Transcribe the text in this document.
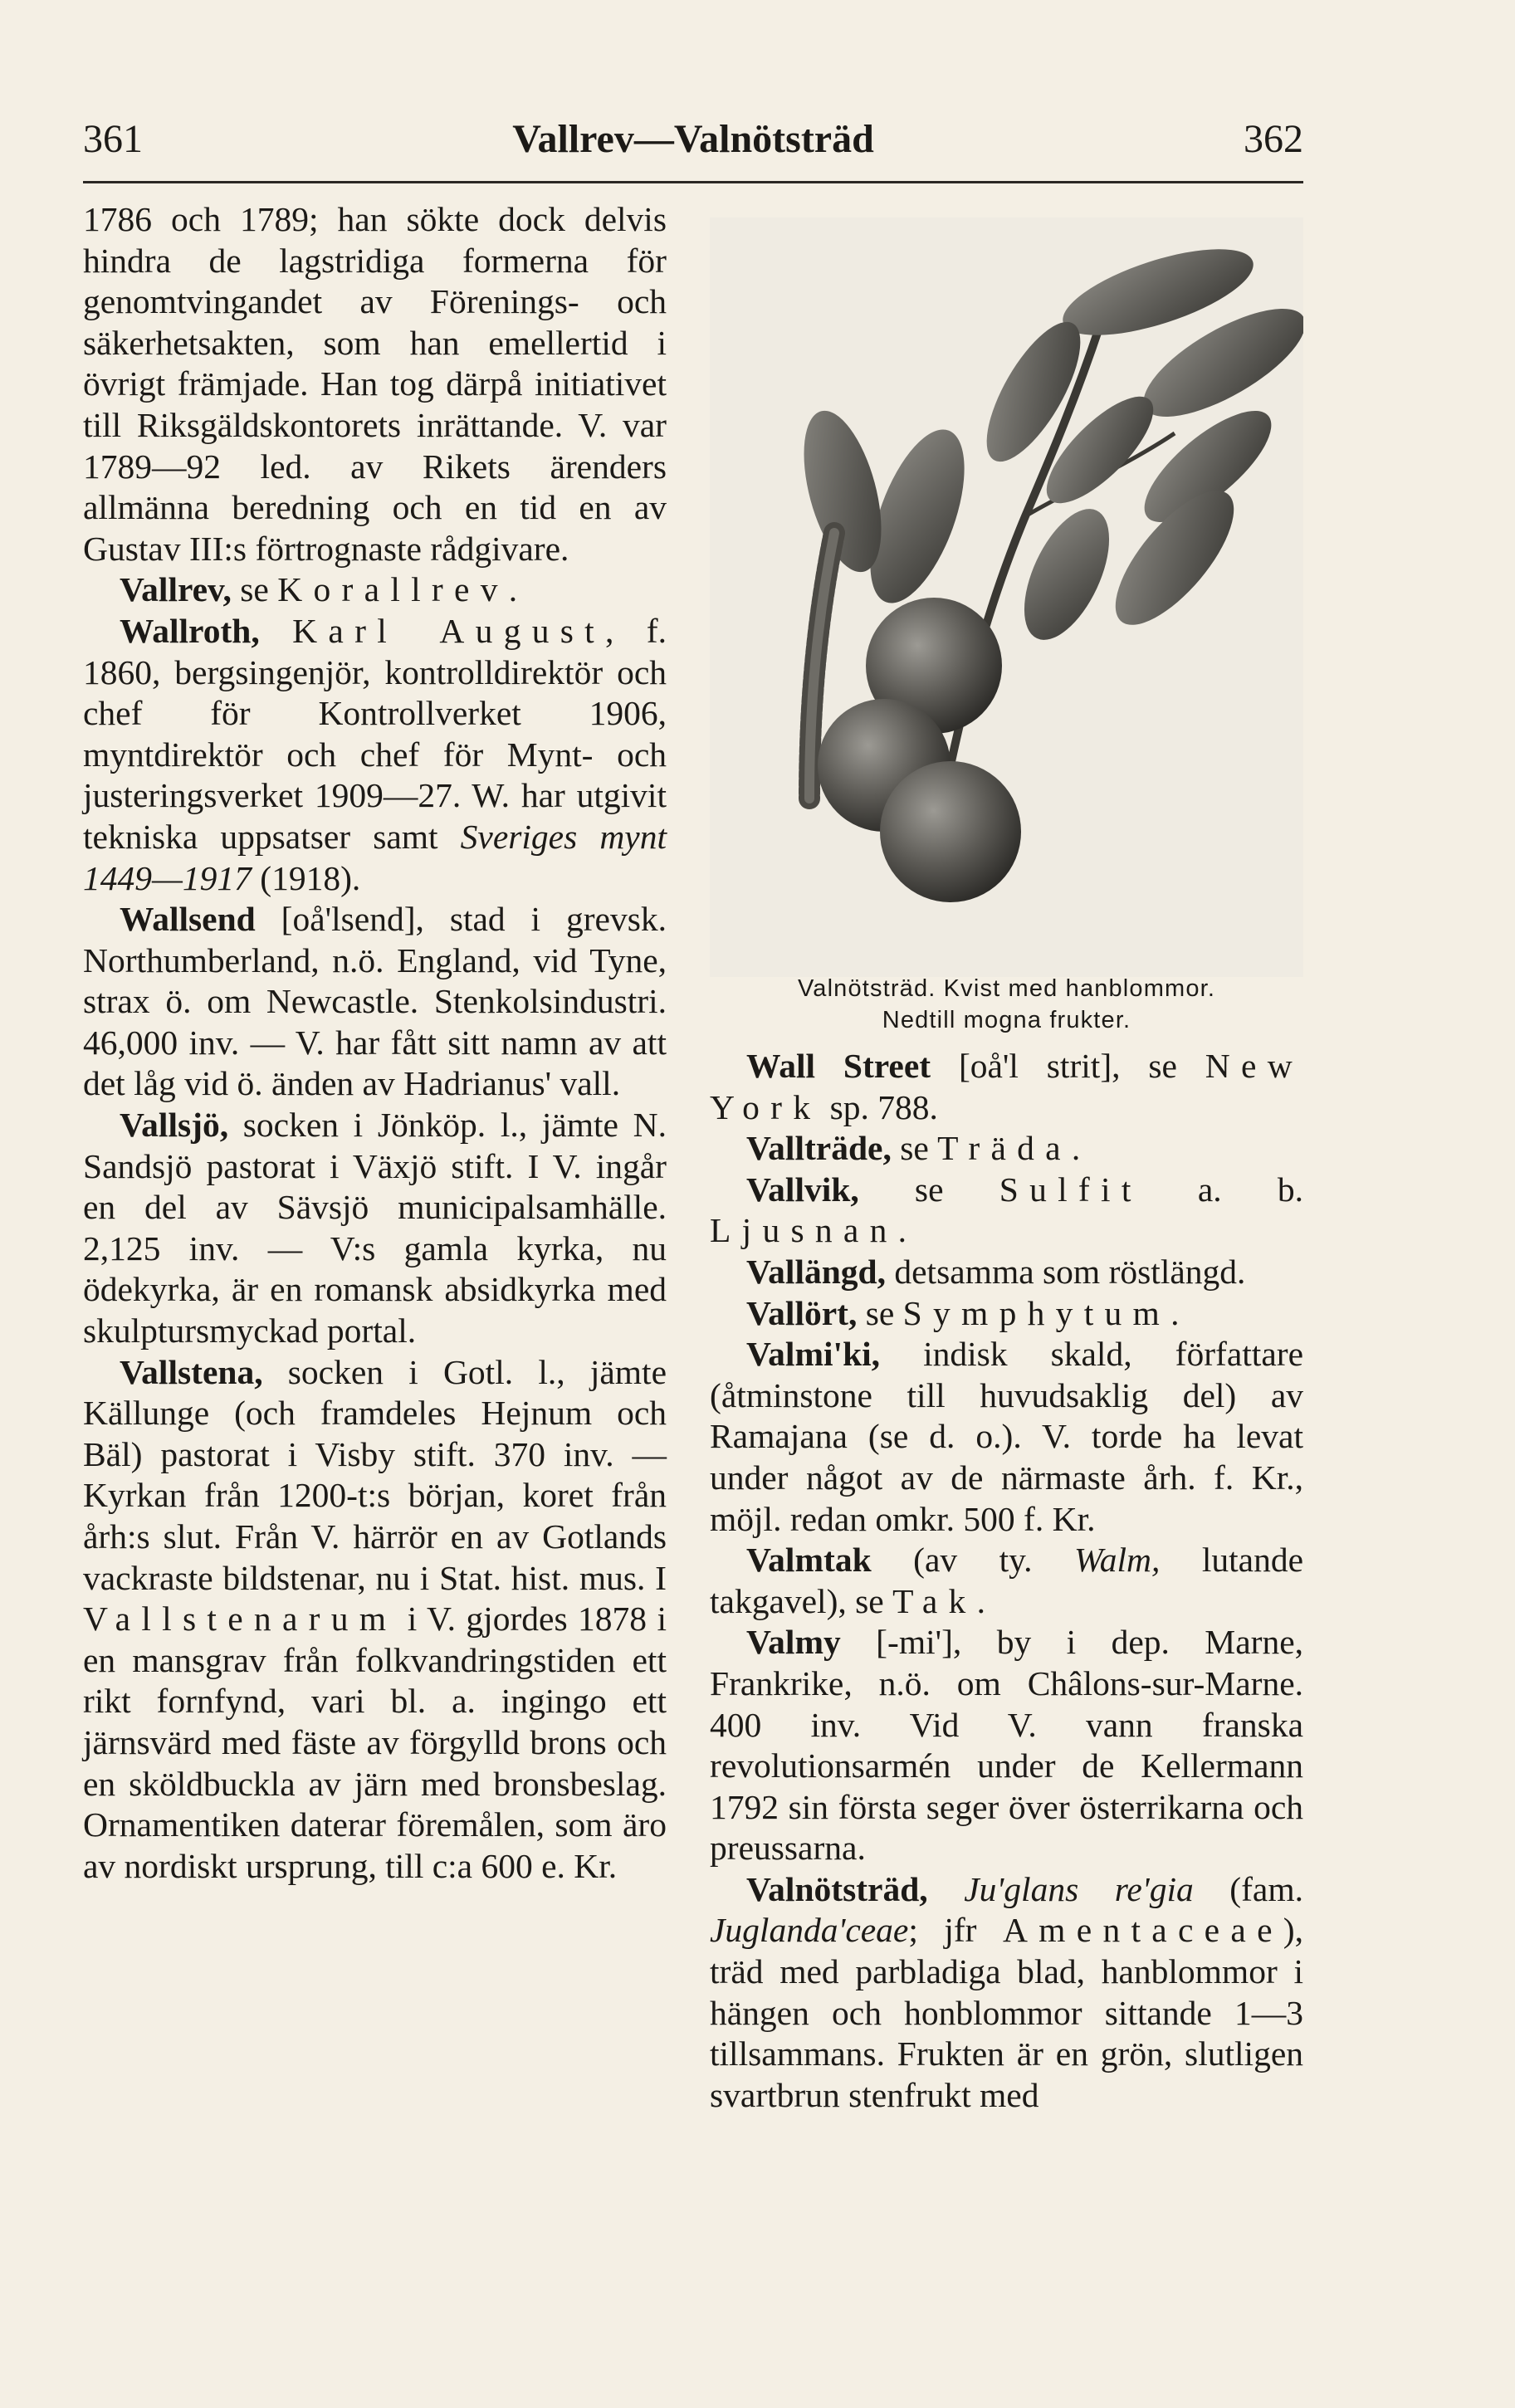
361	Vallrev—Valnötsträd	362

1786 och 1789; han sökte dock delvis hindra de lagstridiga formerna för genomtvingandet av Förenings- och säkerhetsakten, som han emellertid i övrigt främjade. Han tog därpå initiativet till Riksgäldskontorets inrättande. V. var 1789—92 led. av Rikets ärenders allmänna beredning och en tid en av Gustav III:s förtrognaste rådgivare.

Vallrev, se Korallrev.

Wallroth, Karl August, f. 1860, bergsingenjör, kontrolldirektör och chef för Kontrollverket 1906, myntdirektör och chef för Mynt- och justeringsverket 1909—27. W. har utgivit tekniska uppsatser samt Sveriges mynt 1449—1917 (1918).

Wallsend [oå'lsend], stad i grevsk. Northumberland, n.ö. England, vid Tyne, strax ö. om Newcastle. Stenkolsindustri. 46,000 inv. — V. har fått sitt namn av att det låg vid ö. änden av Hadrianus' vall.

Vallsjö, socken i Jönköp. l., jämte N. Sandsjö pastorat i Växjö stift. I V. ingår en del av Sävsjö municipalsamhälle. 2,125 inv. — V:s gamla kyrka, nu ödekyrka, är en romansk absidkyrka med skulptursmyckad portal.

Vallstena, socken i Gotl. l., jämte Källunge (och framdeles Hejnum och Bäl) pastorat i Visby stift. 370 inv. — Kyrkan från 1200-t:s början, koret från årh:s slut. Från V. härrör en av Gotlands vackraste bildstenar, nu i Stat. hist. mus. I Vallstenarum i V. gjordes 1878 i en mansgrav från folkvandringstiden ett rikt fornfynd, vari bl. a. ingingo ett järnsvärd med fäste av förgylld brons och en sköldbuckla av järn med bronsbeslag. Ornamentiken daterar föremålen, som äro av nordiskt ursprung, till c:a 600 e. Kr.

Valnötsträd. Kvist med hanblommor.
Nedtill mogna frukter.

Wall Street [oå'l strit], se New York sp. 788.

Vallträde, se Träda.

Vallvik, se Sulfit a. b. Ljusnan.

Vallängd, detsamma som röstlängd.

Vallört, se Symphytum.

Valmi'ki, indisk skald, författare (åtminstone till huvudsaklig del) av Ramajana (se d. o.). V. torde ha levat under något av de närmaste årh. f. Kr., möjl. redan omkr. 500 f. Kr.

Valmtak (av ty. Walm, lutande takgavel), se Tak.

Valmy [-mi'], by i dep. Marne, Frankrike, n.ö. om Châlons-sur-Marne. 400 inv. Vid V. vann franska revolutionsarmén under de Kellermann 1792 sin första seger över österrikarna och preussarna.

Valnötsträd, Ju'glans re'gia (fam. Juglanda'ceae; jfr Amentaceae), träd med parbladiga blad, hanblommor i hängen och honblommor sittande 1—3 tillsammans. Frukten är en grön, slutligen svartbrun stenfrukt med
